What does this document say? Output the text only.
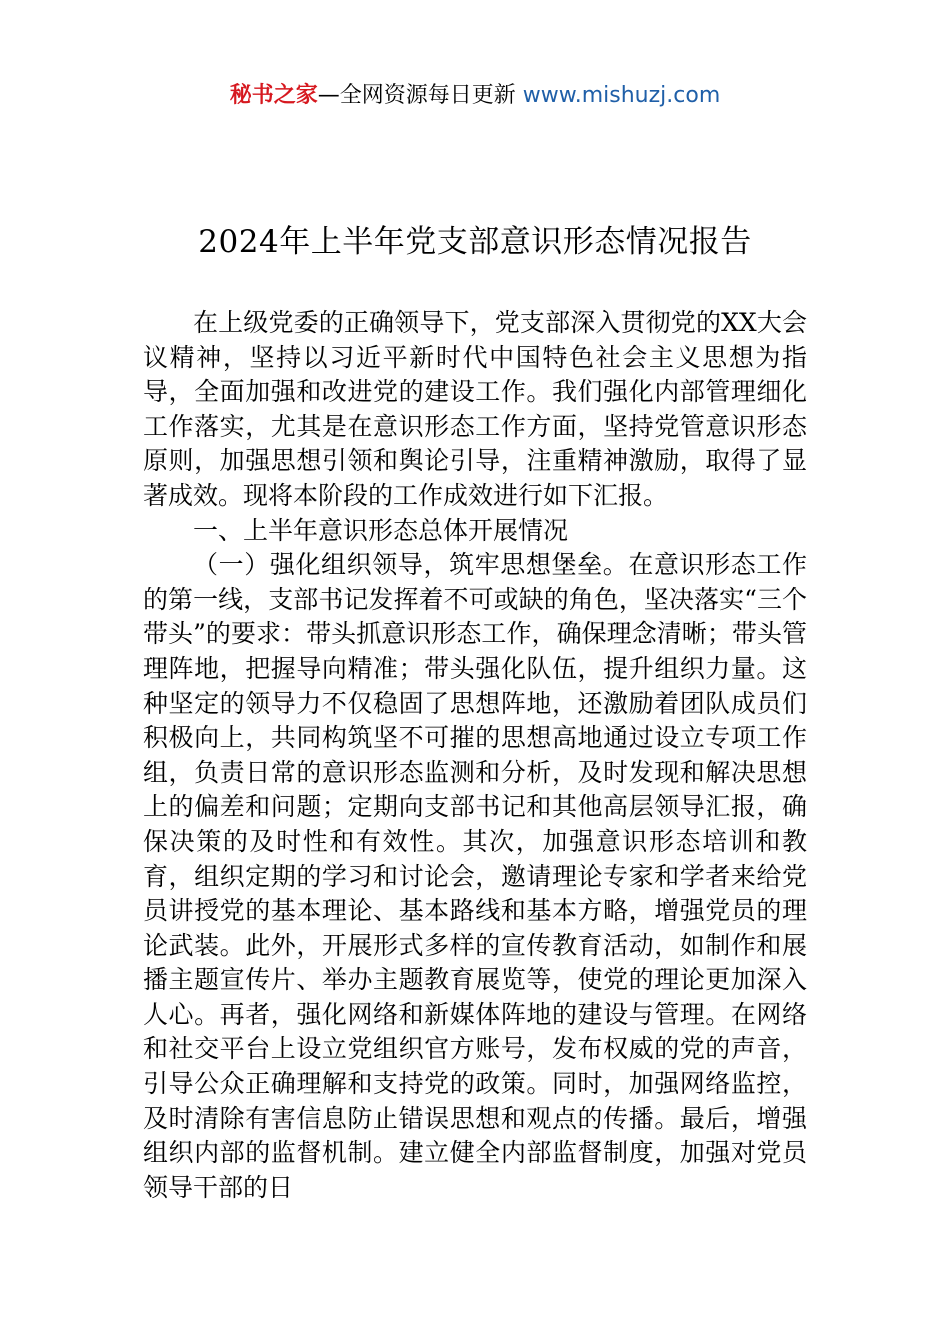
秘书之家—全网资源每日更新 www.mishuzj.com
2024年上半年党支部意识形态情况报告

在上级党委的正确领导下，党支部深入贯彻党的XX大会议精神，坚持以习近平新时代中国特色社会主义思想为指导，全面加强和改进党的建设工作。我们强化内部管理细化工作落实，尤其是在意识形态工作方面，坚持党管意识形态原则，加强思想引领和舆论引导，注重精神激励，取得了显著成效。现将本阶段的工作成效进行如下汇报。

一、上半年意识形态总体开展情况

（一）强化组织领导，筑牢思想堡垒。在意识形态工作的第一线，支部书记发挥着不可或缺的角色，坚决落实“三个带头”的要求：带头抓意识形态工作，确保理念清晰；带头管理阵地，把握导向精准；带头强化队伍，提升组织力量。这种坚定的领导力不仅稳固了思想阵地，还激励着团队成员们积极向上，共同构筑坚不可摧的思想高地通过设立专项工作组，负责日常的意识形态监测和分析，及时发现和解决思想上的偏差和问题；定期向支部书记和其他高层领导汇报，确保决策的及时性和有效性。其次，加强意识形态培训和教育，组织定期的学习和讨论会，邀请理论专家和学者来给党员讲授党的基本理论、基本路线和基本方略，增强党员的理论武装。此外，开展形式多样的宣传教育活动，如制作和展播主题宣传片、举办主题教育展览等，使党的理论更加深入人心。再者，强化网络和新媒体阵地的建设与管理。在网络和社交平台上设立党组织官方账号，发布权威的党的声音，引导公众正确理解和支持党的政策。同时，加强网络监控，及时清除有害信息防止错误思想和观点的传播。最后，增强组织内部的监督机制。建立健全内部监督制度，加强对党员领导干部的日
